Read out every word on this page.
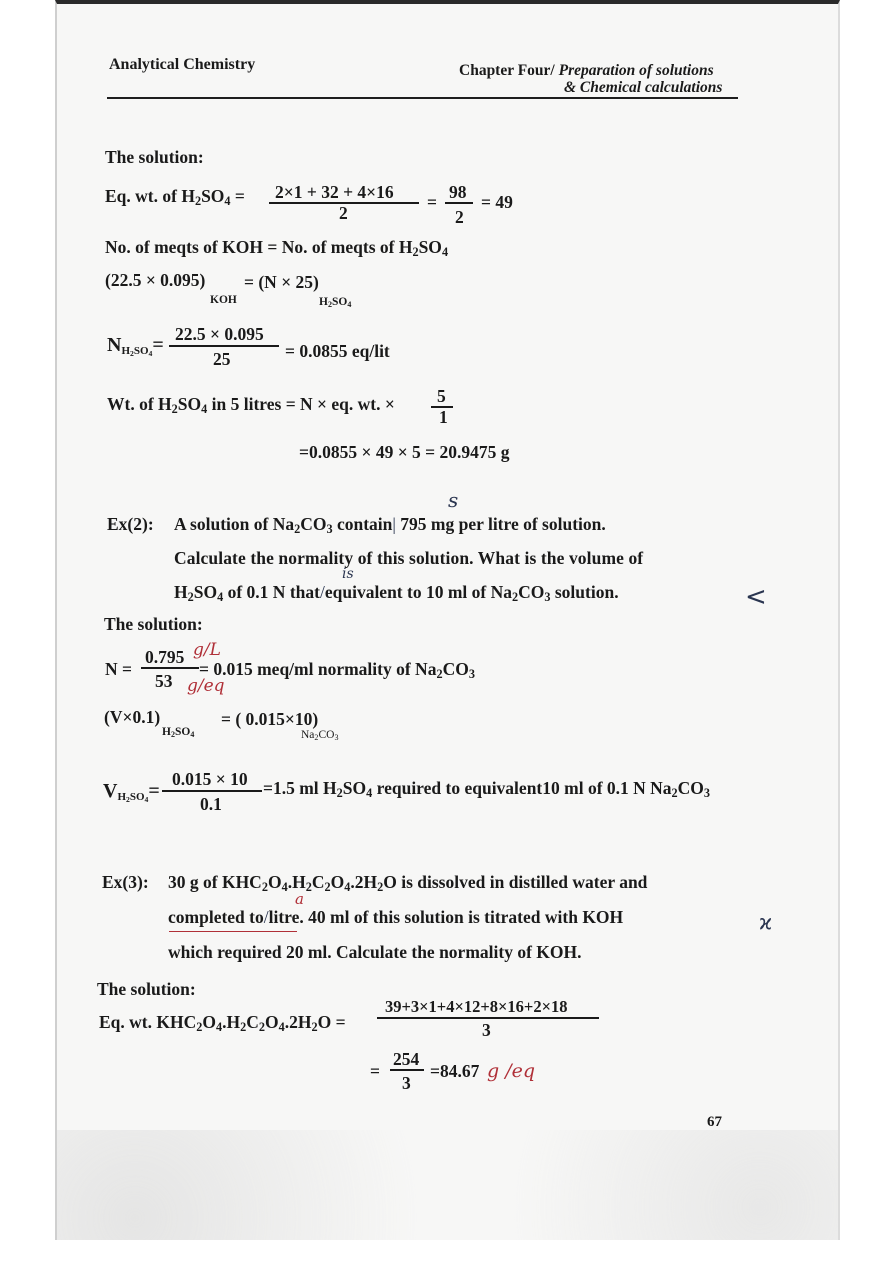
Analytical Chemistry	Chapter Four/ Preparation of solutions
& Chemical calculations
The solution:
Eq. wt. of $H_2SO_4 = 2\times 1 + 32 + 4\times 16$
2
= 98
2
= 49
No. of meqts of KOH = No. of meqts of $H_2SO_4$
(22.5 × 0.095) = (N × 25)
KOH	$H_2SO_4$
$N_{H_2SO_4}= 22.5 \times 0.095$
25	= 0.0855 eq/lit
Wt. of $H_2SO_4$ in 5 litres = N × eq. wt. × 5
1
=0.0855 × 49 × 5 = 20.9475 g
s
Ex(2): A solution of $Na_2CO_3$ contain| 795 mg per litre of solution.
Calculate the normality of this solution. What is the volume of
is
$H_2SO_4$ of 0.1 N that/equivalent to 10 ml of $Na_2CO_3$ solution.	<
The solution:
N =
0.795 g/L
53 g/eq
= 0.015 meq/ml normality of $Na_2CO_3$
(V×0.1)	= ( 0.015×10)
$H_2SO_4$	$Na_2CO_3$
$V_{H_2SO_4}=$
0.015 × 10
0.1
=1.5 ml $H_2SO_4$ required to equivalent10 ml of 0.1 N $Na_2CO_3$
Ex(3): 30 g of $KHC_2O_4.H_2C_2O_4.2H_2O$ is dissolved in distilled water and
a
completed to/litre. 40 ml of this solution is titrated with KOH	ϰ
which required 20 ml. Calculate the normality of KOH.
The solution:
Eq. wt. $KHC_2O_4.H_2C_2O_4.2H_2O$ =
39+3×1+4×12+8×16+2×18
3
=
254
3
=84.67 g /eq
67
